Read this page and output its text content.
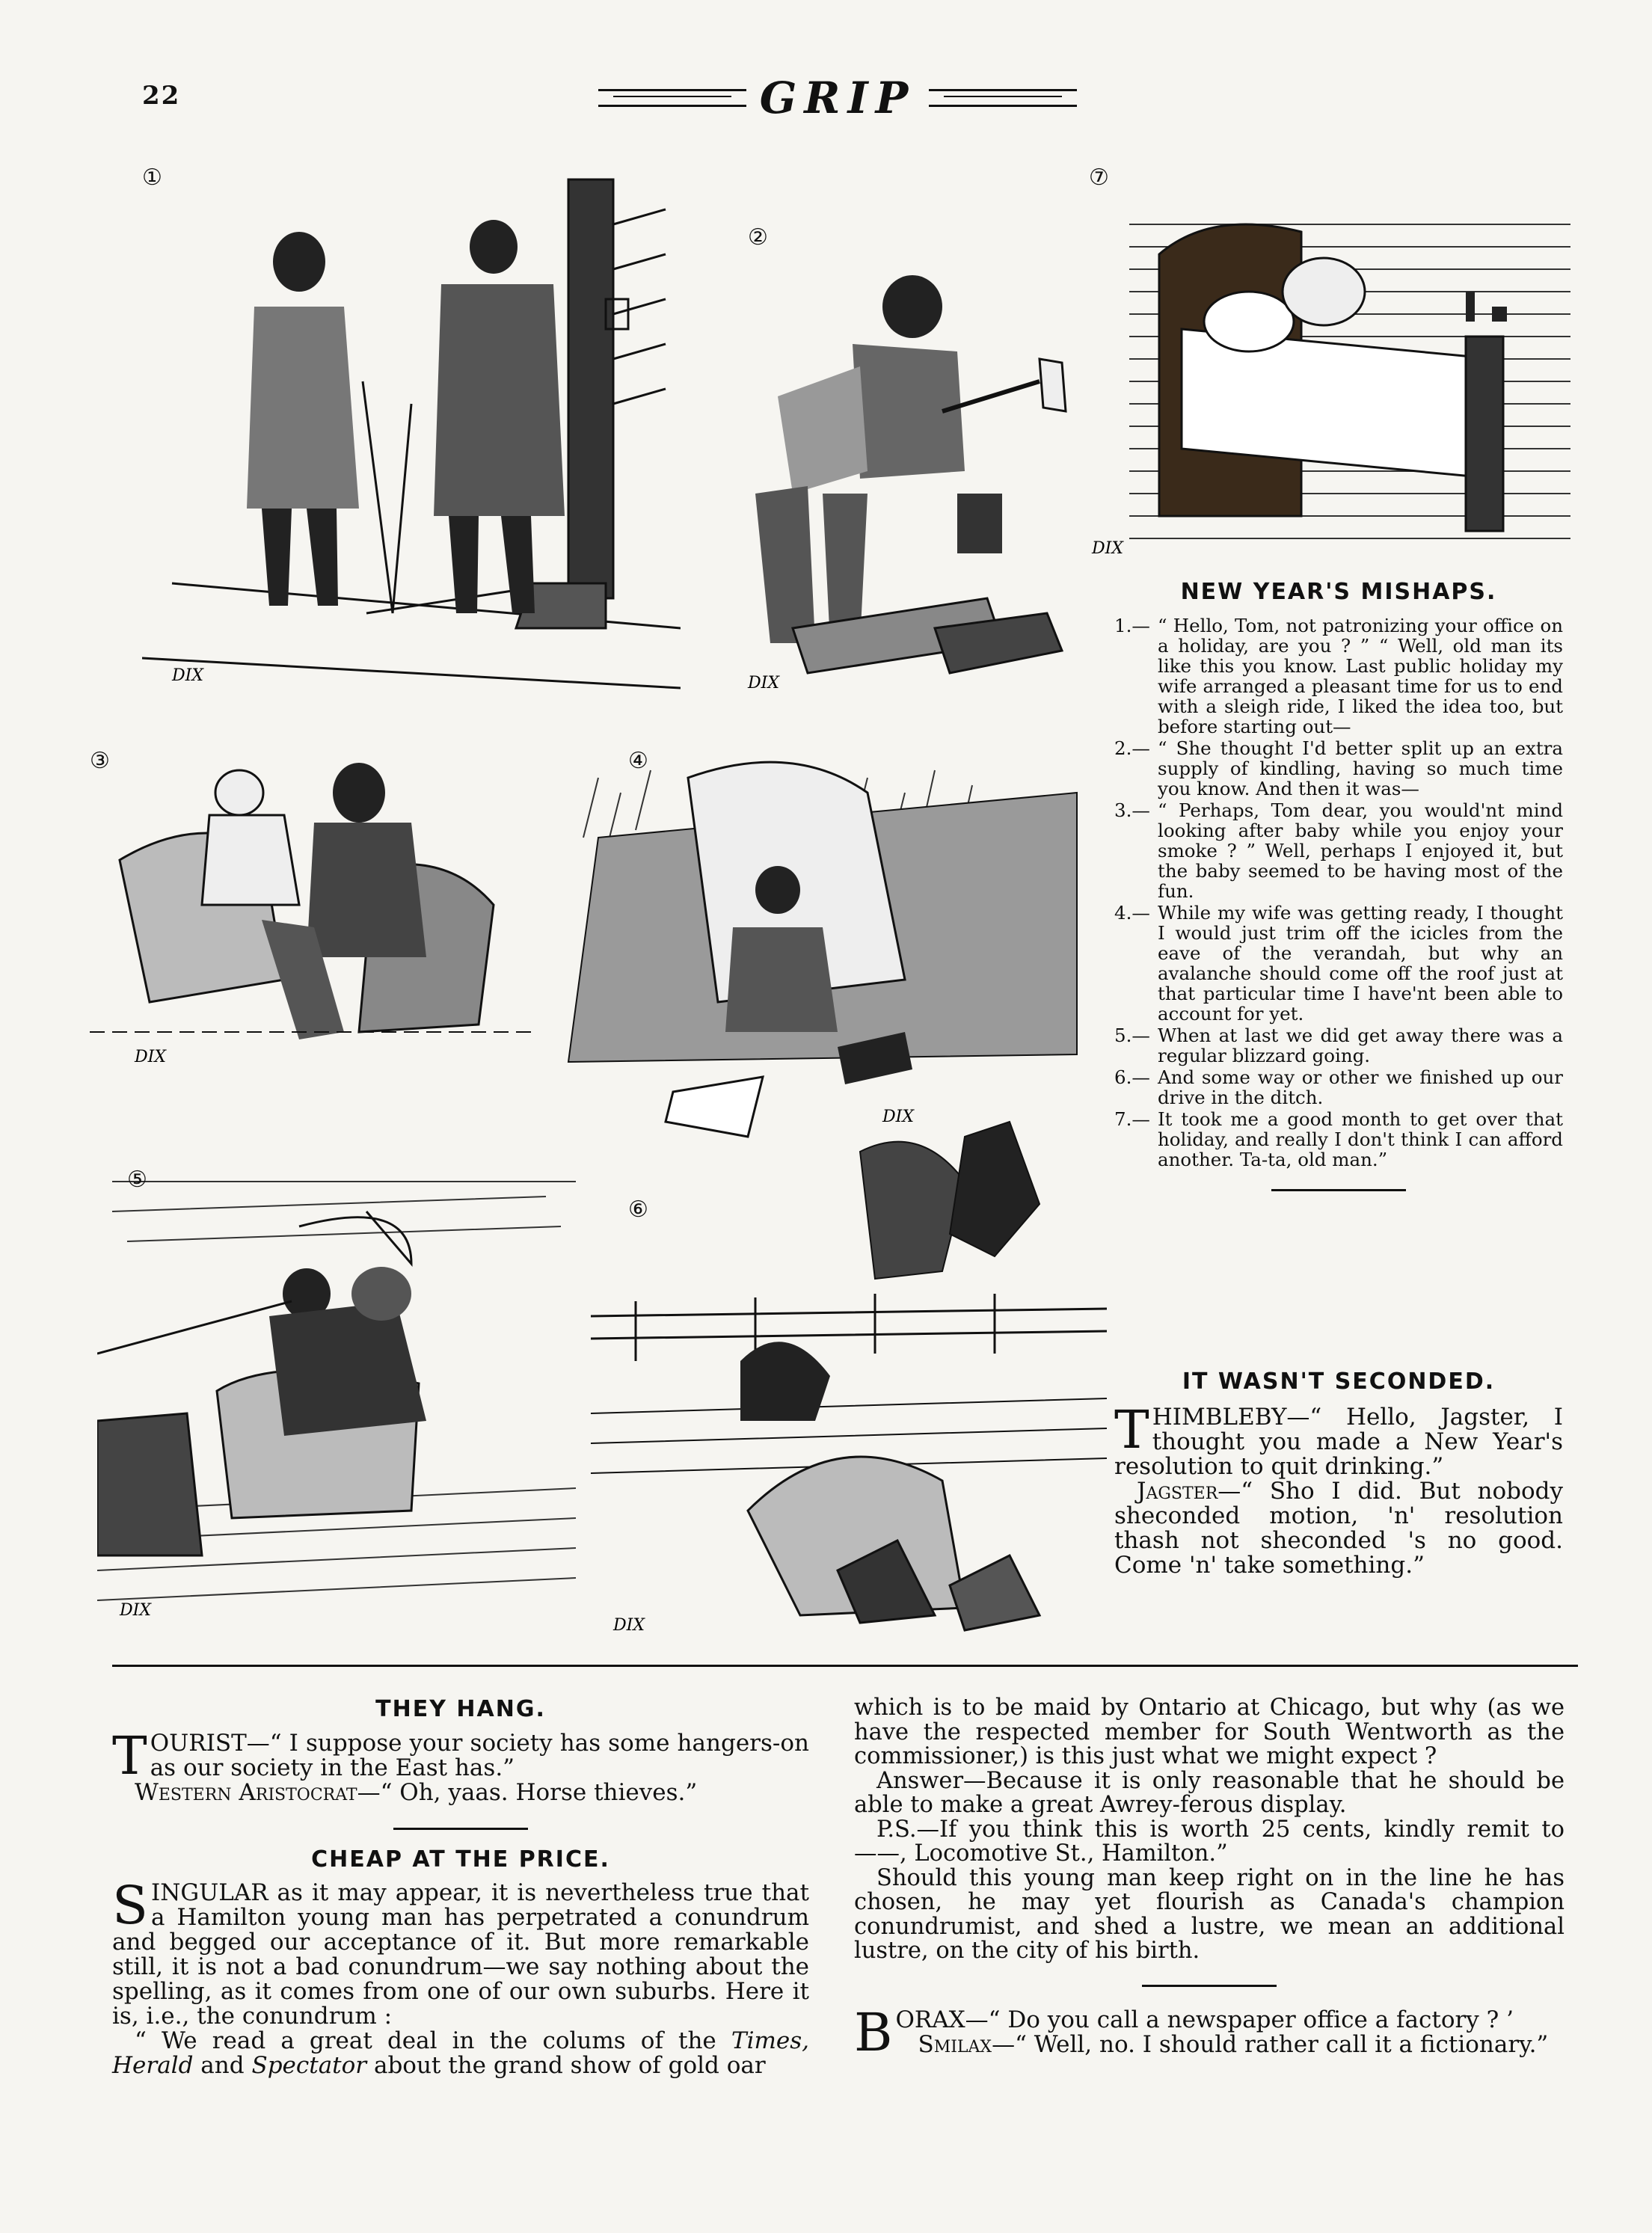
22	GRIP
①
DIX
②
DIX
⑦
DIX
NEW YEAR'S MISHAPS.
1.— “ Hello, Tom, not patronizing your office on a holiday, are you ? ” “ Well, old man its like this you know. Last public holiday my wife arranged a pleasant time for us to end with a sleigh ride, I liked the idea too, but before starting out—
2.— “ She thought I'd better split up an extra supply of kindling, having so much time you know. And then it was—
3.— “ Perhaps, Tom dear, you would'nt mind looking after baby while you enjoy your smoke ? ” Well, perhaps I enjoyed it, but the baby seemed to be having most of the fun.
4.— While my wife was getting ready, I thought I would just trim off the icicles from the eave of the verandah, but why an avalanche should come off the roof just at that particular time I have'nt been able to account for yet.
5.— When at last we did get away there was a regular blizzard going.
6.— And some way or other we finished up our drive in the ditch.
7.— It took me a good month to get over that holiday, and really I don't think I can afford another. Ta-ta, old man.”
IT WASN'T SECONDED.
THIMBLEBY—“ Hello, Jagster, I thought you made a New Year's resolution to quit drinking.”
Jagster—“ Sho I did. But nobody sheconded motion, 'n' resolution thash not sheconded 's no good. Come 'n' take something.”
③
DIX
④
DIX
⑤
DIX
⑥
DIX
THEY HANG.
TOURIST—“ I suppose your society has some hangers-on as our society in the East has.”
Western Aristocrat—“ Oh, yaas. Horse thieves.”
CHEAP AT THE PRICE.
SINGULAR as it may appear, it is nevertheless true that a Hamilton young man has perpetrated a conundrum and begged our acceptance of it. But more remarkable still, it is not a bad conundrum—we say nothing about the spelling, as it comes from one of our own suburbs. Here it is, i.e., the conundrum :
“ We read a great deal in the colums of the Times, Herald and Spectator about the grand show of gold oar

which is to be maid by Ontario at Chicago, but why (as we have the respected member for South Wentworth as the commissioner,) is this just what we might expect ?

Answer—Because it is only reasonable that he should be able to make a great Awrey-ferous display.

P.S.—If you think this is worth 25 cents, kindly remit to ——, Locomotive St., Hamilton.”

Should this young man keep right on in the line he has chosen, he may yet flourish as Canada's champion conundrumist, and shed a lustre, we mean an additional lustre, on the city of his birth.

BORAX—“ Do you call a newspaper office a factory ? ’
Smilax—“ Well, no. I should rather call it a fictionary.”
